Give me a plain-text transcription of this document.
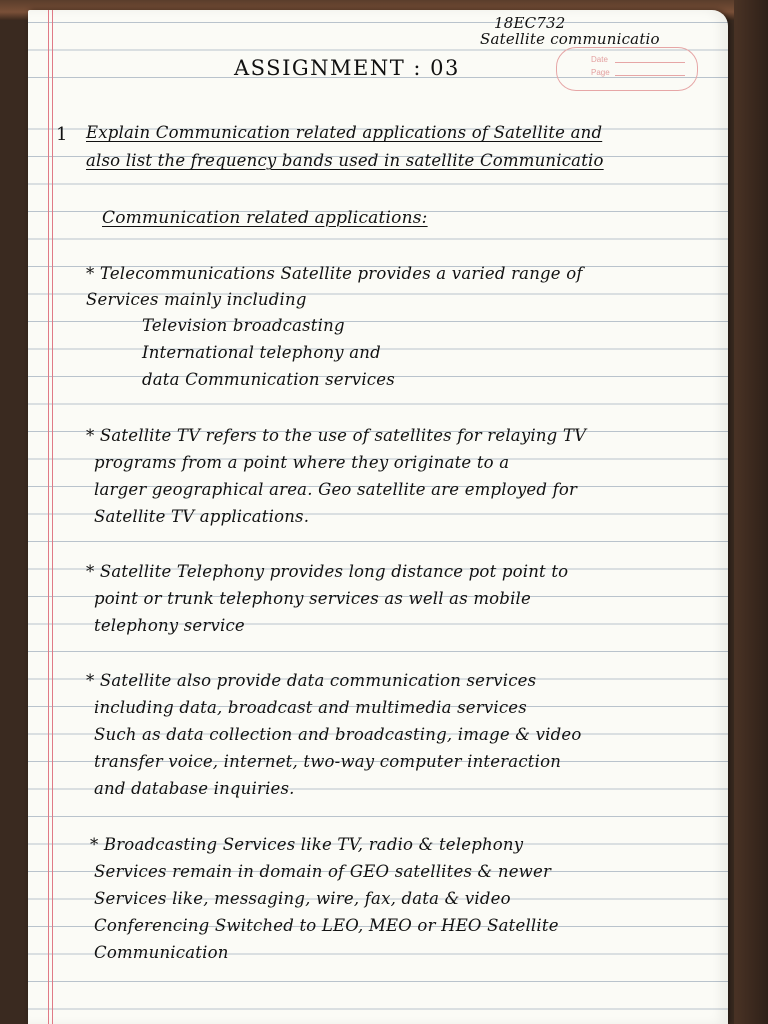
18EC732
Satellite communicatio
Date
Page
ASSIGNMENT : 03
1 Explain Communication related applications of Satellite and
also list the frequency bands used in satellite Communicatio
Communication related applications:
* Telecommunications Satellite provides a varied range of
Services mainly including
Television broadcasting
International telephony and
data Communication services
* Satellite TV refers to the use of satellites for relaying TV
programs from a point where they originate to a
larger geographical area. Geo satellite are employed for
Satellite TV applications.
* Satellite Telephony provides long distance pot point to
point or trunk telephony services as well as mobile
telephony service
* Satellite also provide data communication services
including data, broadcast and multimedia services
Such as data collection and broadcasting, image & video
transfer voice, internet, two-way computer interaction
and database inquiries.
* Broadcasting Services like TV, radio & telephony
Services remain in domain of GEO satellites & newer
Services like, messaging, wire, fax, data & video
Conferencing Switched to LEO, MEO or HEO Satellite
Communication
